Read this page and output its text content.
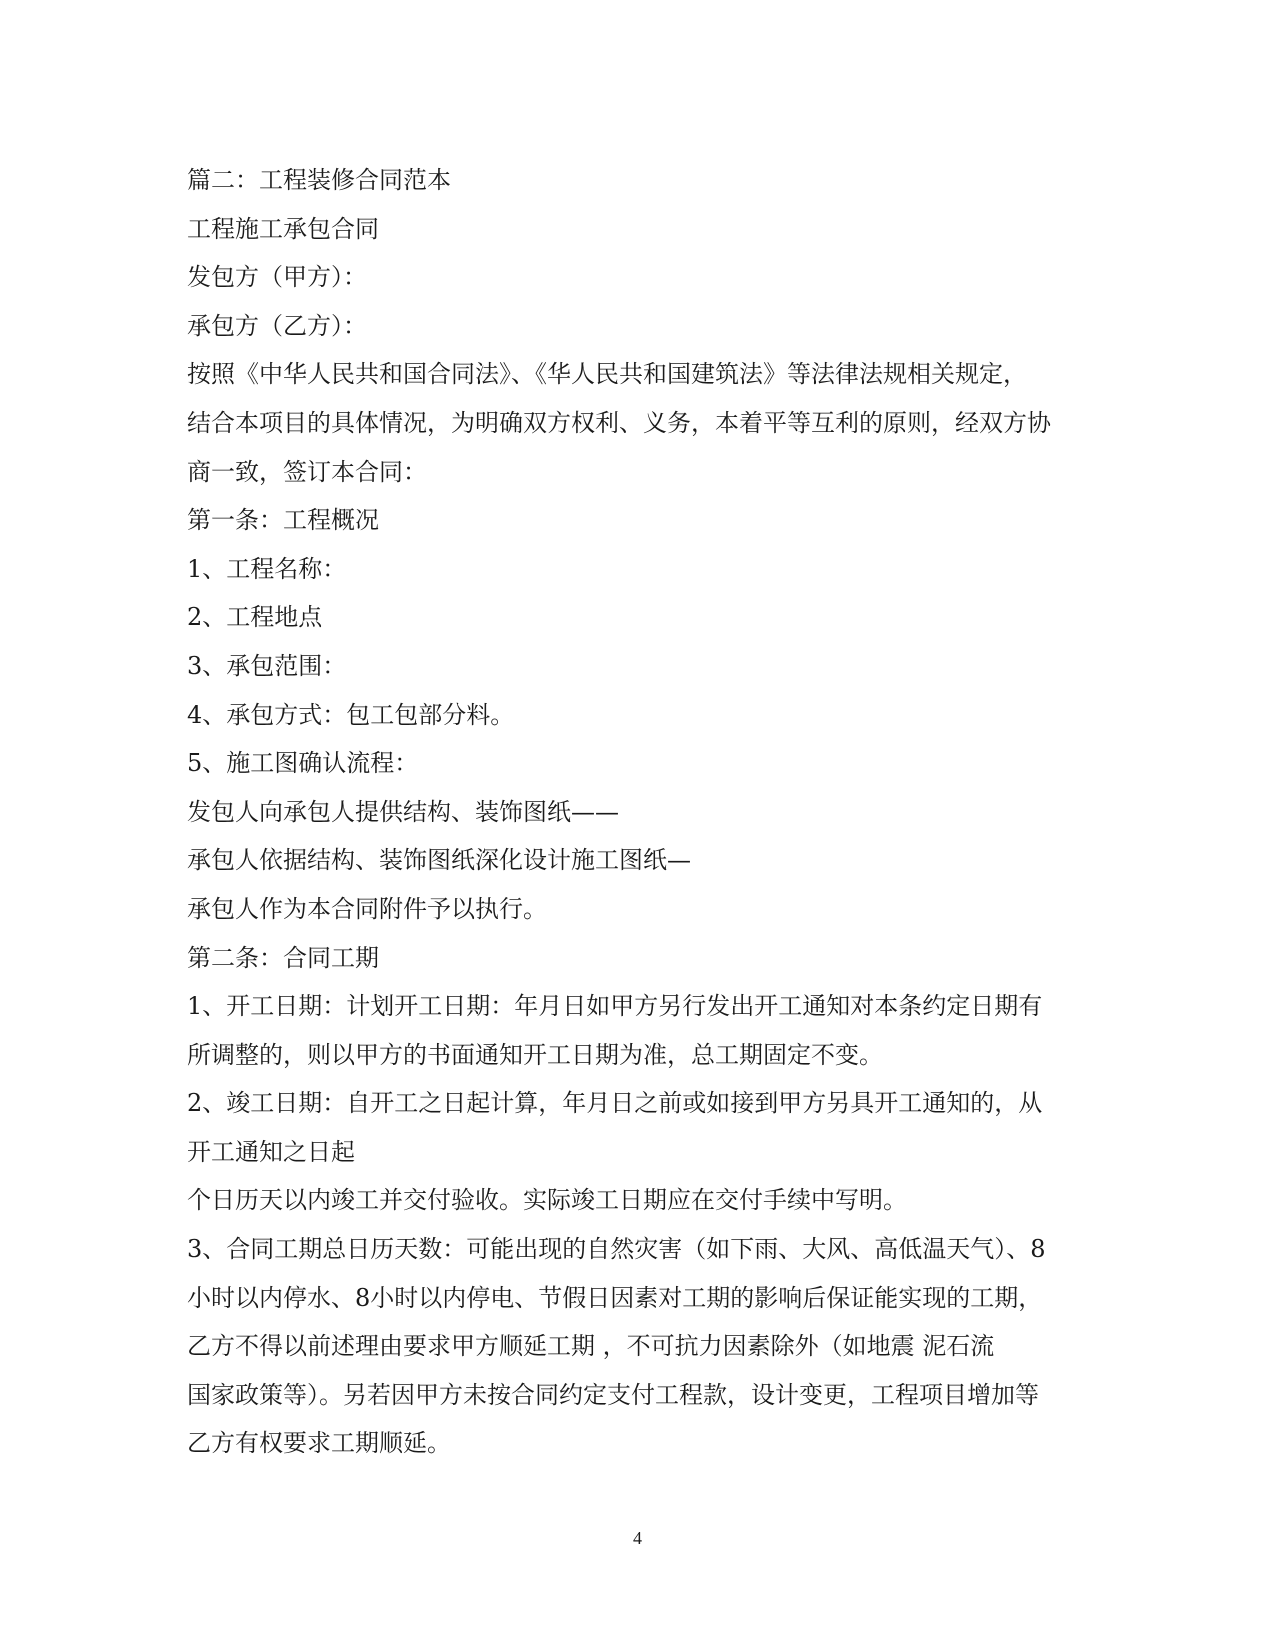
篇二：工程装修合同范本
工程施工承包合同
发包方（甲方）：
承包方（乙方）：
按照《中华人民共和国合同法》、《华人民共和国建筑法》等法律法规相关规定，
结合本项目的具体情况，为明确双方权利、义务，本着平等互利的原则，经双方协
商一致，签订本合同：
第一条：工程概况
1、工程名称：
2、工程地点
3、承包范围：
4、承包方式：包工包部分料。
5、施工图确认流程：
发包人向承包人提供结构、装饰图纸——
承包人依据结构、装饰图纸深化设计施工图纸—
承包人作为本合同附件予以执行。
第二条：合同工期
1、开工日期：计划开工日期：年月日如甲方另行发出开工通知对本条约定日期有
所调整的，则以甲方的书面通知开工日期为准，总工期固定不变。
2、竣工日期：自开工之日起计算，年月日之前或如接到甲方另具开工通知的，从
开工通知之日起
个日历天以内竣工并交付验收。实际竣工日期应在交付手续中写明。
3、合同工期总日历天数：可能出现的自然灾害（如下雨、大风、高低温天气）、8
小时以内停水、8小时以内停电、节假日因素对工期的影响后保证能实现的工期，
乙方不得以前述理由要求甲方顺延工期 ，不可抗力因素除外（如地震 泥石流
国家政策等）。另若因甲方未按合同约定支付工程款，设计变更，工程项目增加等
乙方有权要求工期顺延。
4
